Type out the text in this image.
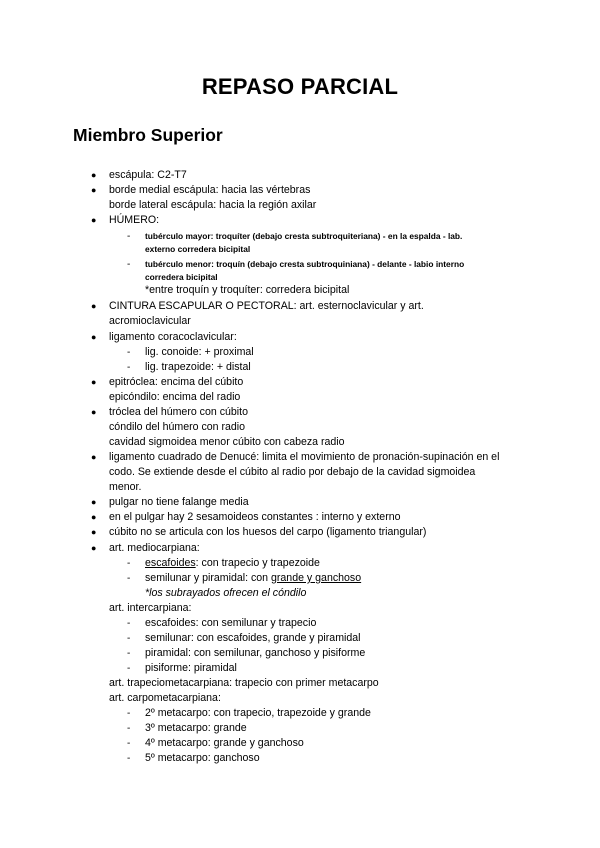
REPASO PARCIAL
Miembro Superior
● escápula: C2-T7
● borde medial escápula: hacia las vértebras
borde lateral escápula: hacia la región axilar
● HÚMERO:
- tubérculo mayor: troquíter (debajo cresta subtroquiteriana) - en la espalda - lab.
externo corredera bicipital
- tubérculo menor: troquín (debajo cresta subtroquiniana) - delante - labio interno
corredera bicipital
*entre troquín y troquíter: corredera bicipital
● CINTURA ESCAPULAR O PECTORAL: art. esternoclavicular y art.
acromioclavicular
● ligamento coracoclavicular:
- lig. conoide: + proximal
- lig. trapezoide: + distal
● epitróclea: encima del cúbito
epicóndilo: encima del radio
● tróclea del húmero con cúbito
cóndilo del húmero con radio
cavidad sigmoidea menor cúbito con cabeza radio
● ligamento cuadrado de Denucé: limita el movimiento de pronación-supinación en el
codo. Se extiende desde el cúbito al radio por debajo de la cavidad sigmoidea
menor.
● pulgar no tiene falange media
● en el pulgar hay 2 sesamoideos constantes : interno y externo
● cúbito no se articula con los huesos del carpo (ligamento triangular)
● art. mediocarpiana:
- escafoides: con trapecio y trapezoide
- semilunar y piramidal: con grande y ganchoso
*los subrayados ofrecen el cóndilo
art. intercarpiana:
- escafoides: con semilunar y trapecio
- semilunar: con escafoides, grande y piramidal
- piramidal: con semilunar, ganchoso y pisiforme
- pisiforme: piramidal
art. trapeciometacarpiana: trapecio con primer metacarpo
art. carpometacarpiana:
- 2º metacarpo: con trapecio, trapezoide y grande
- 3º metacarpo: grande
- 4º metacarpo: grande y ganchoso
- 5º metacarpo: ganchoso
